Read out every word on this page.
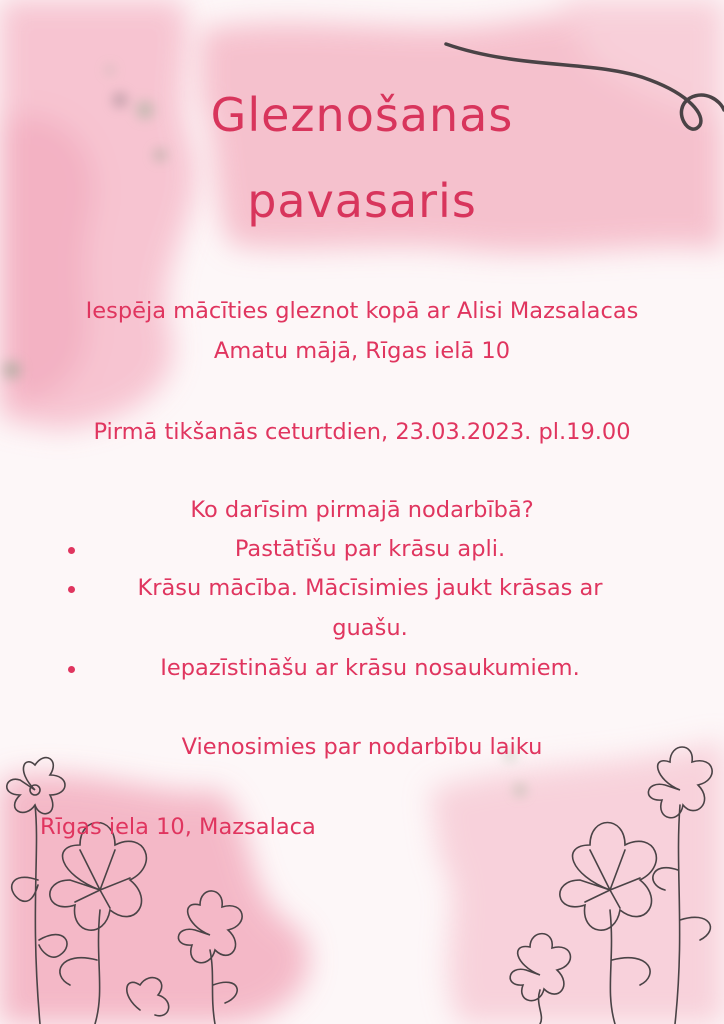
Gleznošanas
pavasaris
Iespēja mācīties gleznot kopā ar Alisi Mazsalacas
Amatu mājā, Rīgas ielā 10
Pirmā tikšanās ceturtdien, 23.03.2023. pl.19.00
Ko darīsim pirmajā nodarbībā?
Pastātīšu par krāsu apli.
Krāsu mācība. Mācīsimies jaukt krāsas ar
guašu.
Iepazīstināšu ar krāsu nosaukumiem.
Vienosimies par nodarbību laiku
Rīgas iela 10, Mazsalaca
